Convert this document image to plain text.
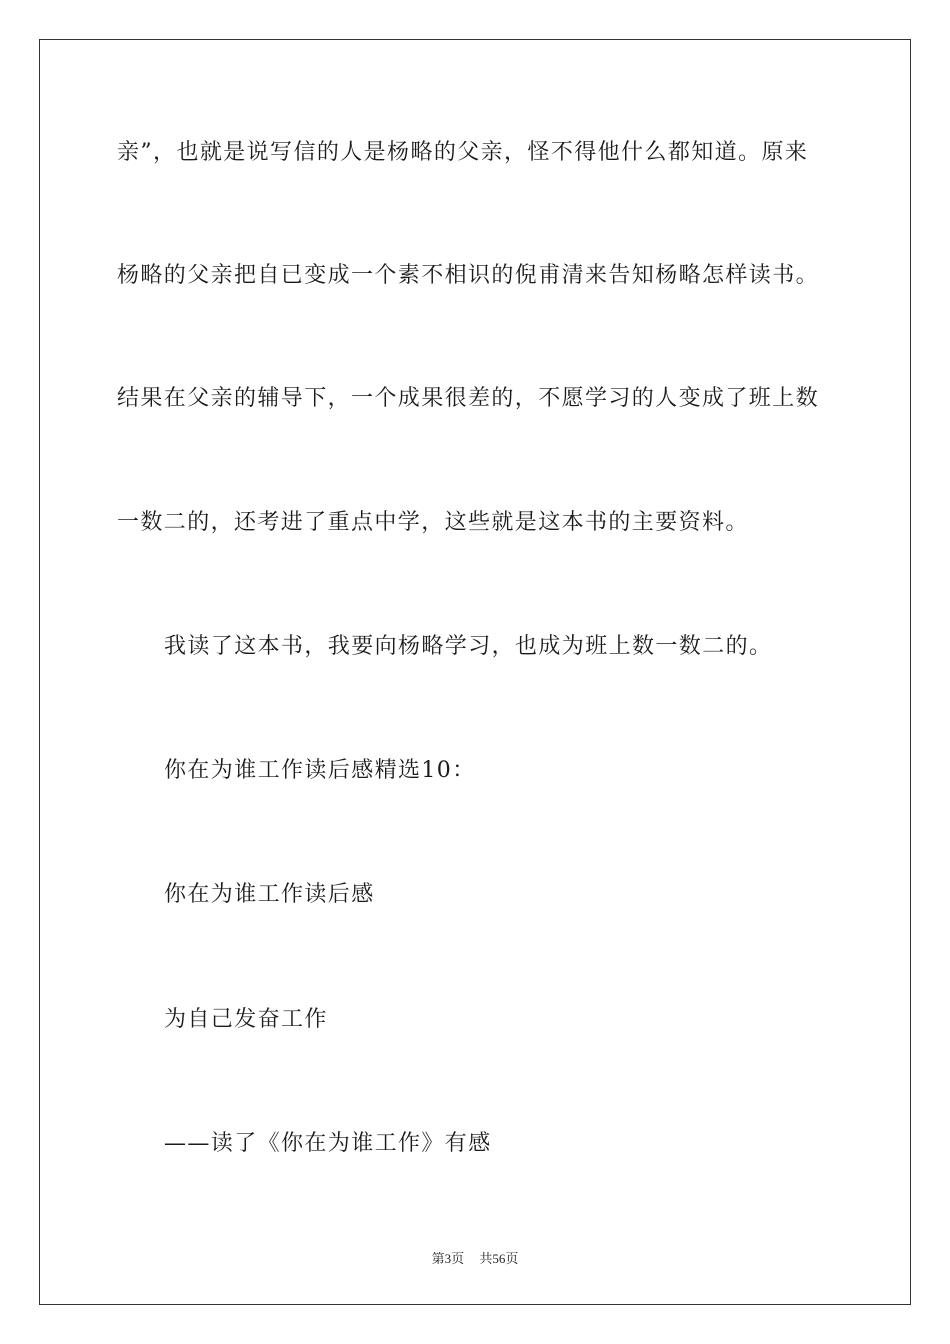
亲”，也就是说写信的人是杨略的父亲，怪不得他什么都知道。原来
杨略的父亲把自已变成一个素不相识的倪甫清来告知杨略怎样读书。
结果在父亲的辅导下，一个成果很差的，不愿学习的人变成了班上数
一数二的，还考进了重点中学，这些就是这本书的主要资料。
我读了这本书，我要向杨略学习，也成为班上数一数二的。
你在为谁工作读后感精选10：
你在为谁工作读后感
为自己发奋工作
——读了《你在为谁工作》有感
第3页 共56页
